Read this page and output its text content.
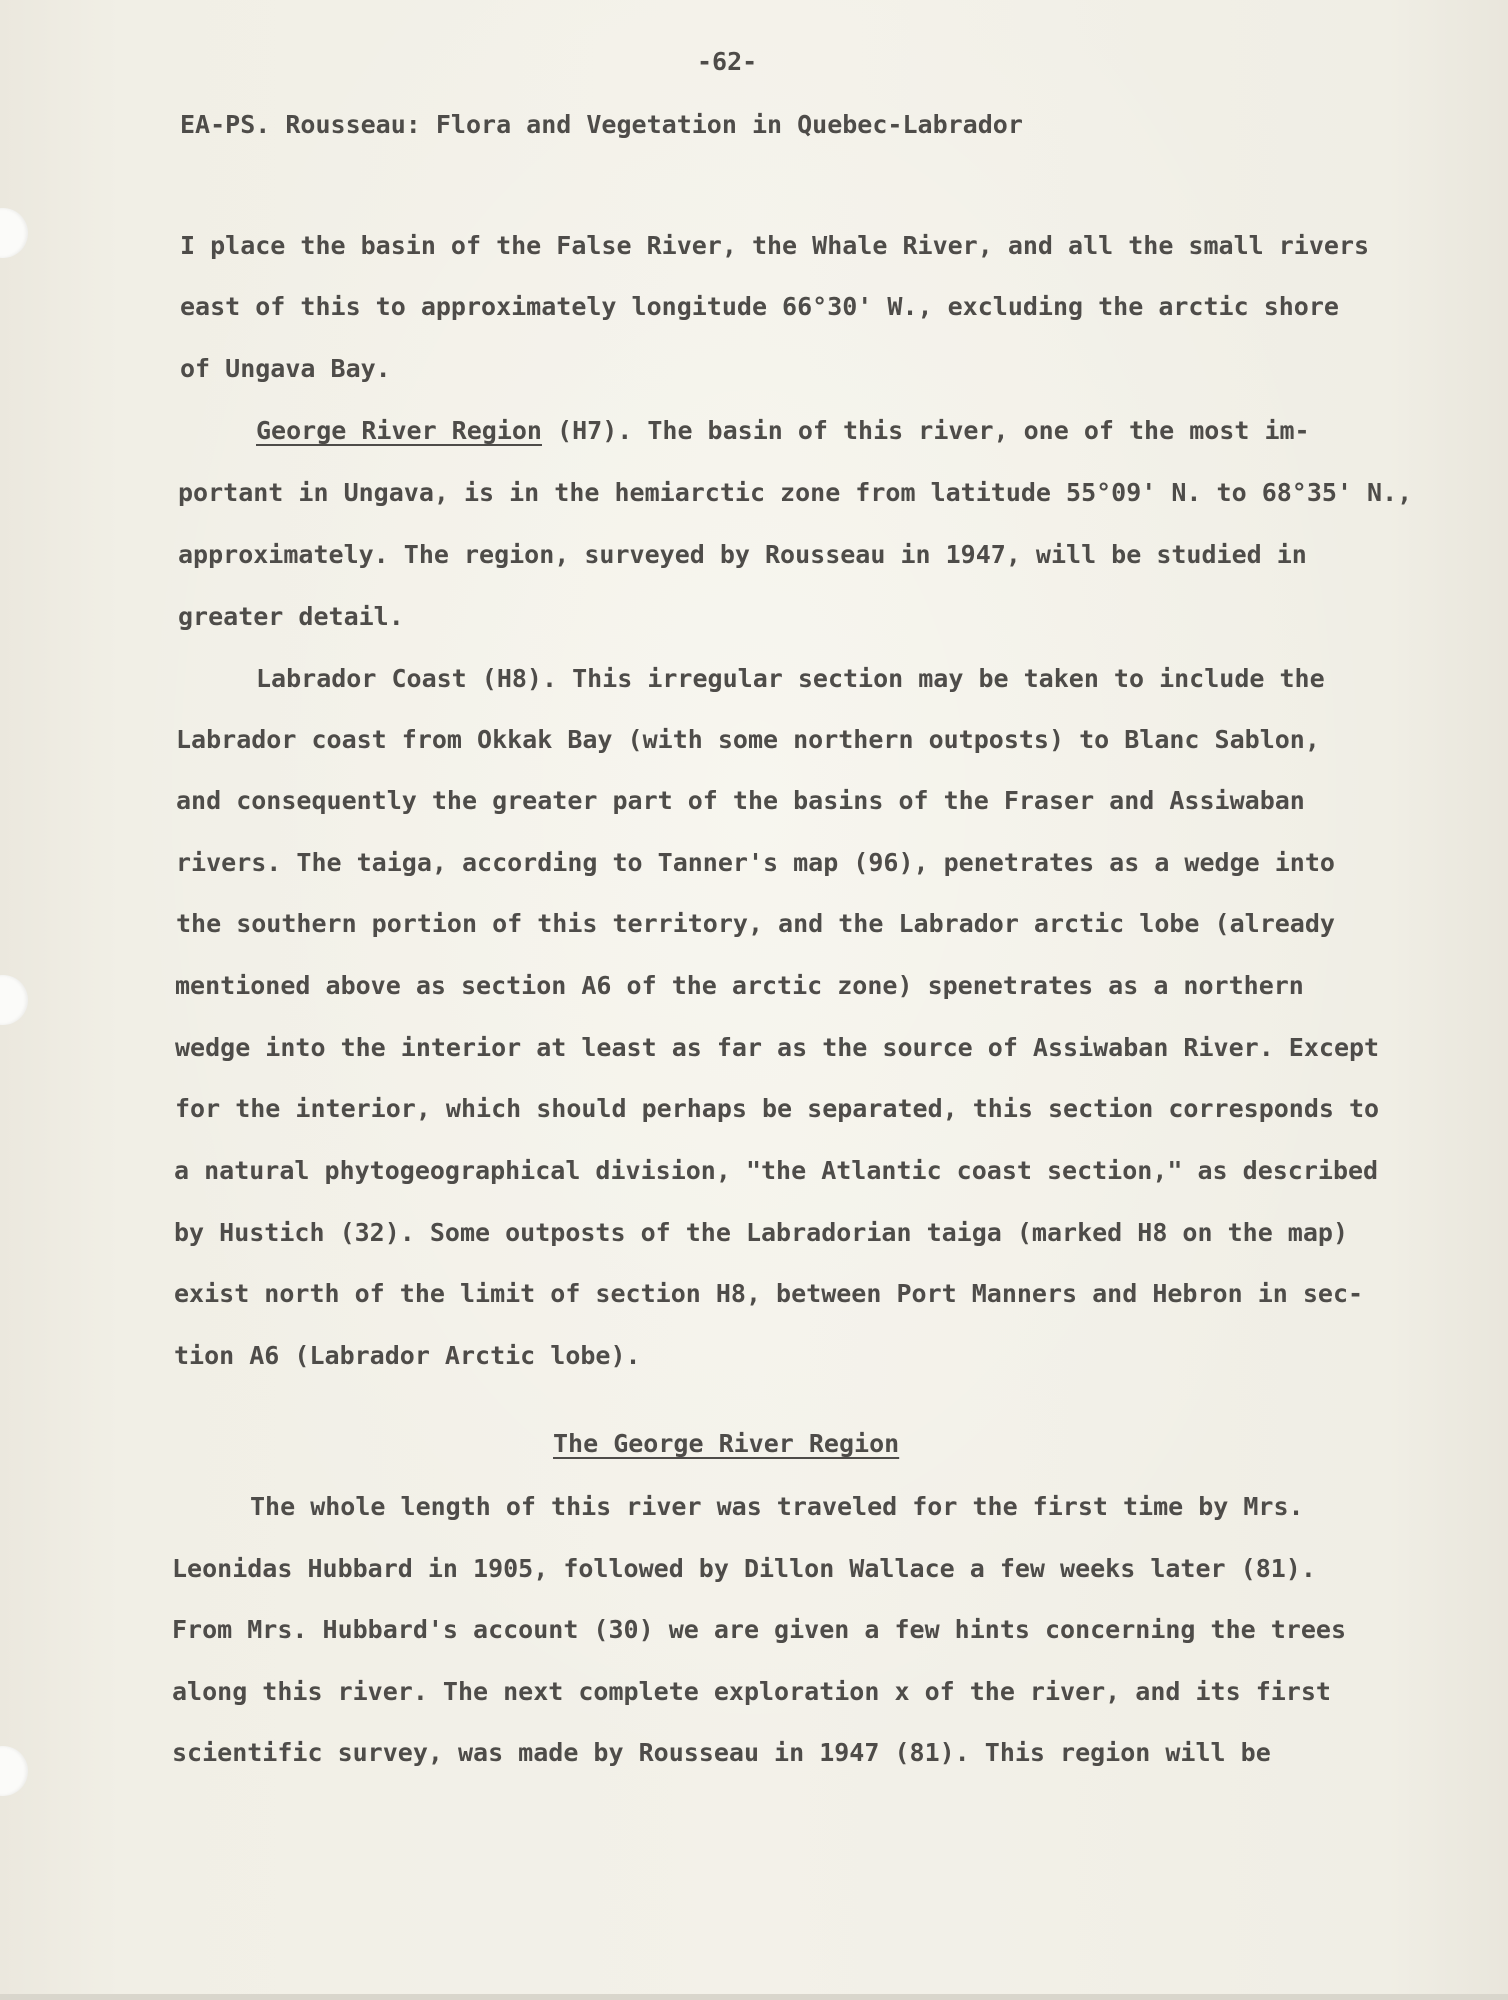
-62-

EA-PS. Rousseau: Flora and Vegetation in Quebec-Labrador

I place the basin of the False River, the Whale River, and all the small rivers

east of this to approximately longitude 66°30' W., excluding the arctic shore

of Ungava Bay.

George River Region (H7). The basin of this river, one of the most im-

portant in Ungava, is in the hemiarctic zone from latitude 55°09' N. to 68°35' N.,

approximately. The region, surveyed by Rousseau in 1947, will be studied in

greater detail.

Labrador Coast (H8). This irregular section may be taken to include the

Labrador coast from Okkak Bay (with some northern outposts) to Blanc Sablon,

and consequently the greater part of the basins of the Fraser and Assiwaban

rivers. The taiga, according to Tanner's map (96), penetrates as a wedge into

the southern portion of this territory, and the Labrador arctic lobe (already

mentioned above as section A6 of the arctic zone) spenetrates as a northern

wedge into the interior at least as far as the source of Assiwaban River. Except

for the interior, which should perhaps be separated, this section corresponds to

a natural phytogeographical division, "the Atlantic coast section," as described

by Hustich (32). Some outposts of the Labradorian taiga (marked H8 on the map)

exist north of the limit of section H8, between Port Manners and Hebron in sec-

tion A6 (Labrador Arctic lobe).

The George River Region

The whole length of this river was traveled for the first time by Mrs.

Leonidas Hubbard in 1905, followed by Dillon Wallace a few weeks later (81).

From Mrs. Hubbard's account (30) we are given a few hints concerning the trees

along this river. The next complete exploration x of the river, and its first

scientific survey, was made by Rousseau in 1947 (81). This region will be
